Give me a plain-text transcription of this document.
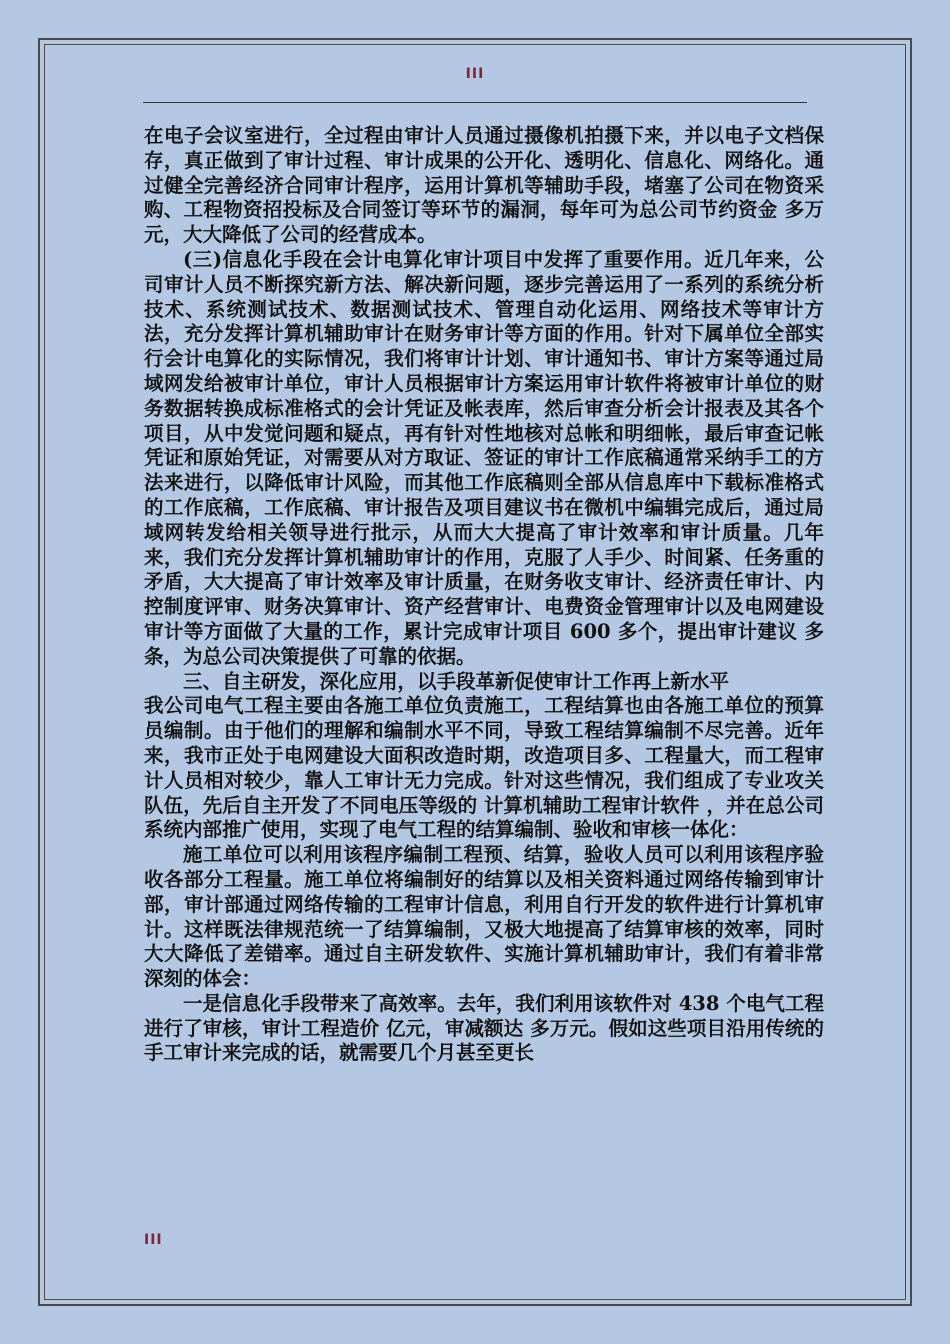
III

在电子会议室进行，全过程由审计人员通过摄像机拍摄下来，并以电子文档保存，真正做到了审计过程、审计成果的公开化、透明化、信息化、网络化。通过健全完善经济合同审计程序，运用计算机等辅助手段，堵塞了公司在物资采购、工程物资招投标及合同签订等环节的漏洞，每年可为总公司节约资金 多万元，大大降低了公司的经营成本。

(三)信息化手段在会计电算化审计项目中发挥了重要作用。近几年来，公司审计人员不断探究新方法、解决新问题，逐步完善运用了一系列的系统分析技术、系统测试技术、数据测试技术、管理自动化运用、网络技术等审计方法，充分发挥计算机辅助审计在财务审计等方面的作用。针对下属单位全部实行会计电算化的实际情况，我们将审计计划、审计通知书、审计方案等通过局域网发给被审计单位，审计人员根据审计方案运用审计软件将被审计单位的财务数据转换成标准格式的会计凭证及帐表库，然后审查分析会计报表及其各个项目，从中发觉问题和疑点，再有针对性地核对总帐和明细帐，最后审查记帐凭证和原始凭证，对需要从对方取证、签证的审计工作底稿通常采纳手工的方法来进行，以降低审计风险，而其他工作底稿则全部从信息库中下载标准格式的工作底稿，工作底稿、审计报告及项目建议书在微机中编辑完成后，通过局域网转发给相关领导进行批示，从而大大提高了审计效率和审计质量。几年来，我们充分发挥计算机辅助审计的作用，克服了人手少、时间紧、任务重的矛盾，大大提高了审计效率及审计质量，在财务收支审计、经济责任审计、内控制度评审、财务决算审计、资产经营审计、电费资金管理审计以及电网建设审计等方面做了大量的工作，累计完成审计项目 600 多个，提出审计建议 多条，为总公司决策提供了可靠的依据。

三、自主研发，深化应用，以手段革新促使审计工作再上新水平

我公司电气工程主要由各施工单位负责施工，工程结算也由各施工单位的预算员编制。由于他们的理解和编制水平不同，导致工程结算编制不尽完善。近年来，我市正处于电网建设大面积改造时期，改造项目多、工程量大，而工程审计人员相对较少，靠人工审计无力完成。针对这些情况，我们组成了专业攻关队伍，先后自主开发了不同电压等级的 计算机辅助工程审计软件 ，并在总公司系统内部推广使用，实现了电气工程的结算编制、验收和审核一体化：

施工单位可以利用该程序编制工程预、结算，验收人员可以利用该程序验收各部分工程量。施工单位将编制好的结算以及相关资料通过网络传输到审计部，审计部通过网络传输的工程审计信息，利用自行开发的软件进行计算机审计。这样既法律规范统一了结算编制，又极大地提高了结算审核的效率，同时大大降低了差错率。通过自主研发软件、实施计算机辅助审计，我们有着非常深刻的体会：

一是信息化手段带来了高效率。去年，我们利用该软件对 438 个电气工程进行了审核，审计工程造价 亿元，审减额达 多万元。假如这些项目沿用传统的手工审计来完成的话，就需要几个月甚至更长

III
